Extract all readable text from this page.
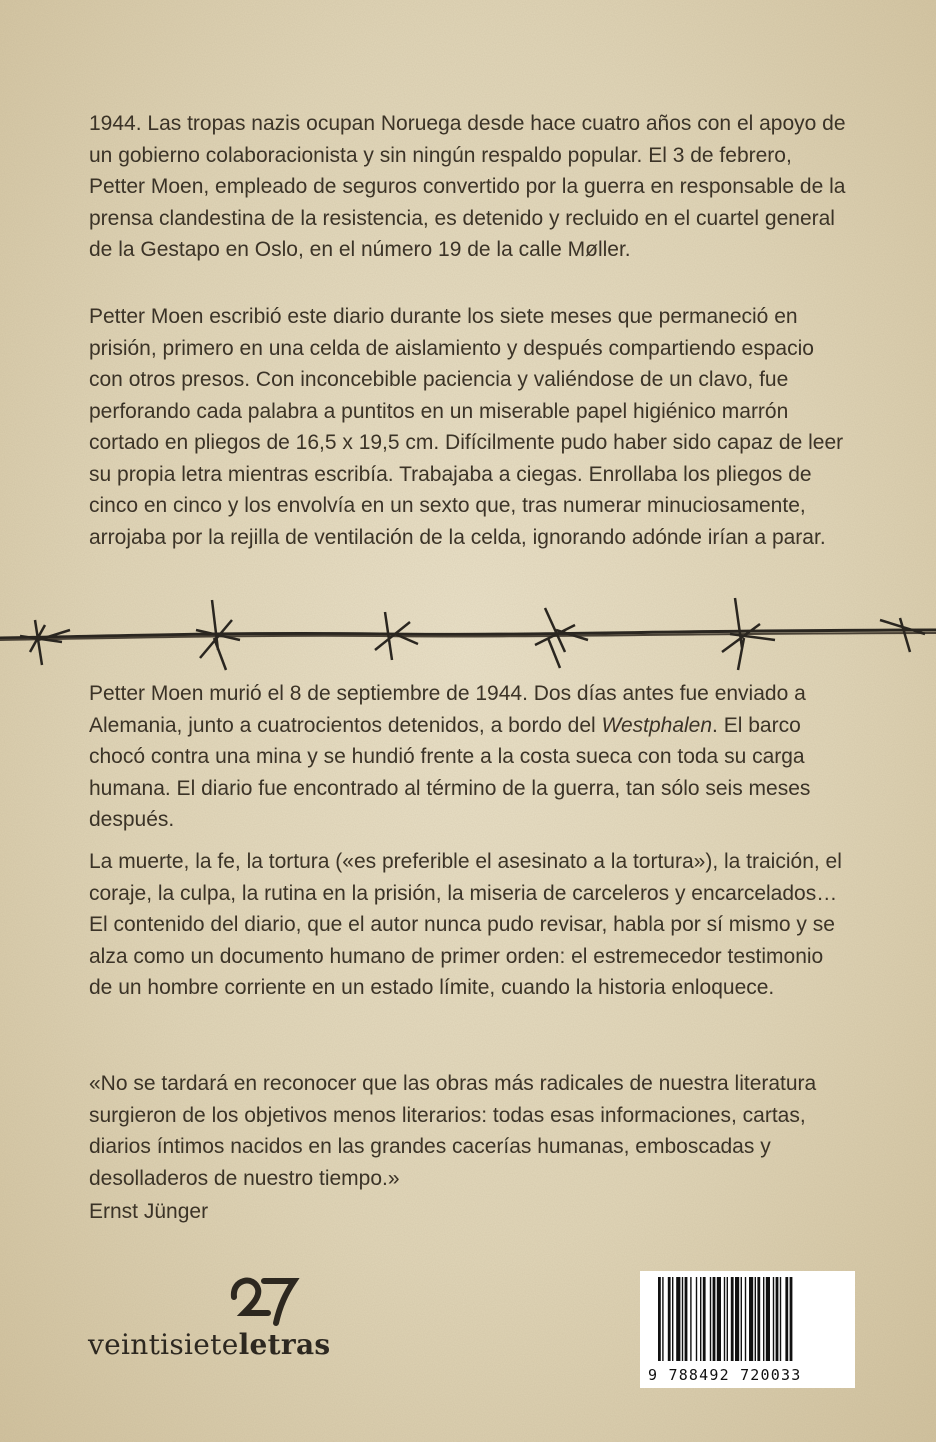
1944. Las tropas nazis ocupan Noruega desde hace cuatro años con el apoyo de un gobierno colaboracionista y sin ningún respaldo popular. El 3 de febrero, Petter Moen, empleado de seguros convertido por la guerra en responsable de la prensa clandestina de la resistencia, es detenido y recluido en el cuartel general de la Gestapo en Oslo, en el número 19 de la calle Møller.

Petter Moen escribió este diario durante los siete meses que permaneció en prisión, primero en una celda de aislamiento y después compartiendo espacio con otros presos. Con inconcebible paciencia y valiéndose de un clavo, fue perforando cada palabra a puntitos en un miserable papel higiénico marrón cortado en pliegos de 16,5 x 19,5 cm. Difícilmente pudo haber sido capaz de leer su propia letra mientras escribía. Trabajaba a ciegas. Enrollaba los pliegos de cinco en cinco y los envolvía en un sexto que, tras numerar minuciosamente, arrojaba por la rejilla de ventilación de la celda, ignorando adónde irían a parar.

Petter Moen murió el 8 de septiembre de 1944. Dos días antes fue enviado a Alemania, junto a cuatrocientos detenidos, a bordo del Westphalen. El barco chocó contra una mina y se hundió frente a la costa sueca con toda su carga humana. El diario fue encontrado al término de la guerra, tan sólo seis meses después.

La muerte, la fe, la tortura («es preferible el asesinato a la tortura»), la traición, el coraje, la culpa, la rutina en la prisión, la miseria de carceleros y encarcelados… El contenido del diario, que el autor nunca pudo revisar, habla por sí mismo y se alza como un documento humano de primer orden: el estremecedor testimonio de un hombre corriente en un estado límite, cuando la historia enloquece.

«No se tardará en reconocer que las obras más radicales de nuestra literatura surgieron de los objetivos menos literarios: todas esas informaciones, cartas, diarios íntimos nacidos en las grandes cacerías humanas, emboscadas y desolladeros de nuestro tiempo.»

Ernst Jünger

veintisieteletras
9 788492 720033
